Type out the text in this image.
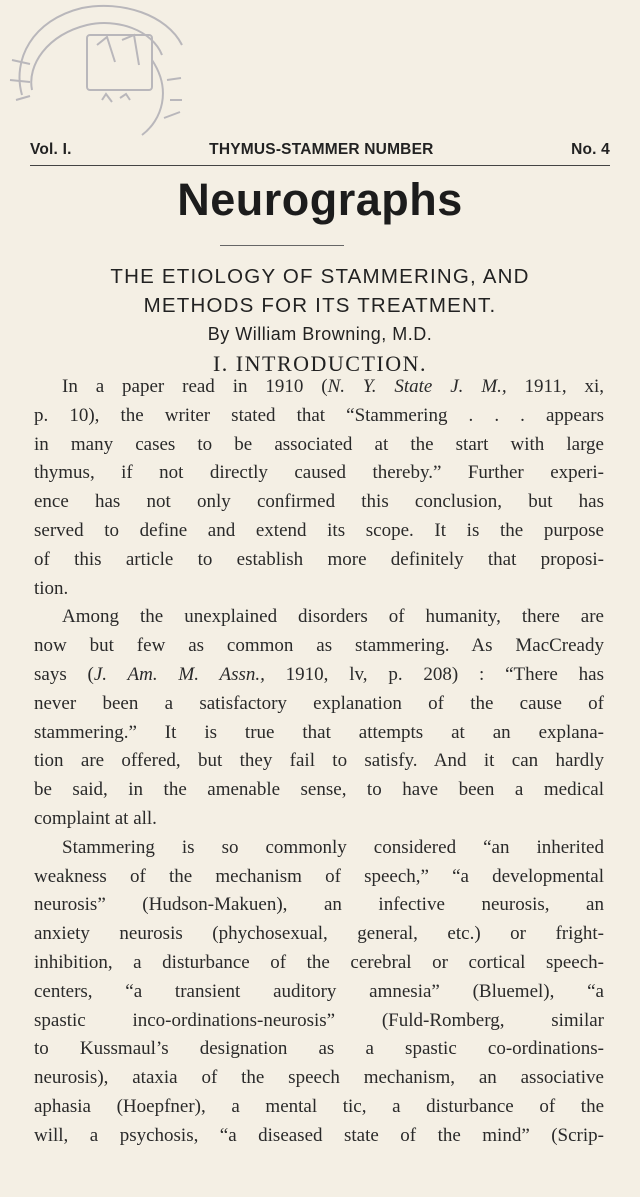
Vol. I.	THYMUS-STAMMER NUMBER	No. 4
Neurographs
THE ETIOLOGY OF STAMMERING, AND
METHODS FOR ITS TREATMENT.
By William Browning, M.D.
I. INTRODUCTION.

In a paper read in 1910 (N. Y. State J. M., 1911, xi,
p. 10), the writer stated that “Stammering . . . appears
in many cases to be associated at the start with large
thymus, if not directly caused thereby.” Further experi-
ence has not only confirmed this conclusion, but has
served to define and extend its scope. It is the purpose
of this article to establish more definitely that proposi-
tion.

Among the unexplained disorders of humanity, there are
now but few as common as stammering. As MacCready
says (J. Am. M. Assn., 1910, lv, p. 208) : “There has
never been a satisfactory explanation of the cause of
stammering.” It is true that attempts at an explana-
tion are offered, but they fail to satisfy. And it can hardly
be said, in the amenable sense, to have been a medical
complaint at all.

Stammering is so commonly considered “an inherited
weakness of the mechanism of speech,” “a developmental
neurosis” (Hudson-Makuen), an infective neurosis, an
anxiety neurosis (phychosexual, general, etc.) or fright-
inhibition, a disturbance of the cerebral or cortical speech-
centers, “a transient auditory amnesia” (Bluemel), “a
spastic inco-ordinations-neurosis” (Fuld-Romberg, similar
to Kussmaul’s designation as a spastic co-ordinations-
neurosis), ataxia of the speech mechanism, an associative
aphasia (Hoepfner), a mental tic, a disturbance of the
will, a psychosis, “a diseased state of the mind” (Scrip-
